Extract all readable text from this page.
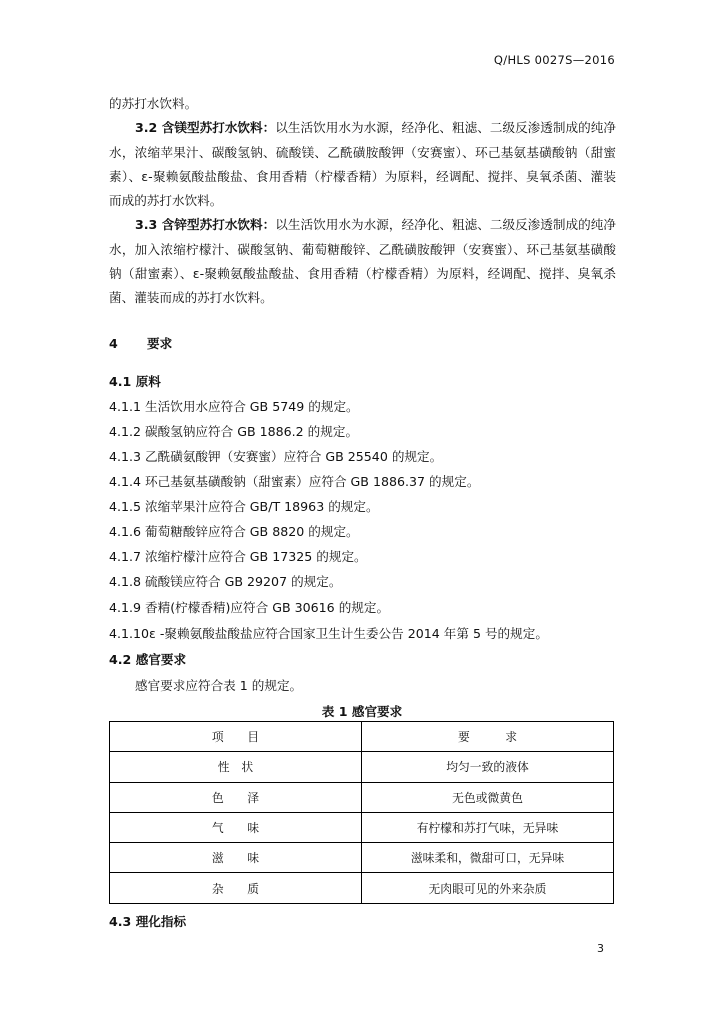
Q/HLS 0027S—2016

的苏打水饮料。

3.2 含镁型苏打水饮料：以生活饮用水为水源，经净化、粗滤、二级反渗透制成的纯净水，浓缩苹果汁、碳酸氢钠、硫酸镁、乙酰磺胺酸钾（安赛蜜）、环己基氨基磺酸钠（甜蜜素）、ε-聚赖氨酸盐酸盐、食用香精（柠檬香精）为原料，经调配、搅拌、臭氧杀菌、灌装而成的苏打水饮料。

3.3 含锌型苏打水饮料：以生活饮用水为水源，经净化、粗滤、二级反渗透制成的纯净水，加入浓缩柠檬汁、碳酸氢钠、葡萄糖酸锌、乙酰磺胺酸钾（安赛蜜）、环己基氨基磺酸钠（甜蜜素）、ε-聚赖氨酸盐酸盐、食用香精（柠檬香精）为原料，经调配、搅拌、臭氧杀菌、灌装而成的苏打水饮料。

4 要求
4.1 原料
4.1.1 生活饮用水应符合 GB 5749 的规定。
4.1.2 碳酸氢钠应符合 GB 1886.2 的规定。
4.1.3 乙酰磺氨酸钾（安赛蜜）应符合 GB 25540 的规定。
4.1.4 环己基氨基磺酸钠（甜蜜素）应符合 GB 1886.37 的规定。
4.1.5 浓缩苹果汁应符合 GB/T 18963 的规定。
4.1.6 葡萄糖酸锌应符合 GB 8820 的规定。
4.1.7 浓缩柠檬汁应符合 GB 17325 的规定。
4.1.8 硫酸镁应符合 GB 29207 的规定。
4.1.9 香精(柠檬香精)应符合 GB 30616 的规定。
4.1.10ε -聚赖氨酸盐酸盐应符合国家卫生计生委公告 2014 年第 5 号的规定。
4.2 感官要求
感官要求应符合表 1 的规定。
表 1 感官要求
项　　目	要　　　求
性　状	均匀一致的液体
色　　泽	无色或微黄色
气　　味	有柠檬和苏打气味，无异味
滋　　味	滋味柔和，微甜可口，无异味
杂　　质	无肉眼可见的外来杂质
4.3 理化指标
3
